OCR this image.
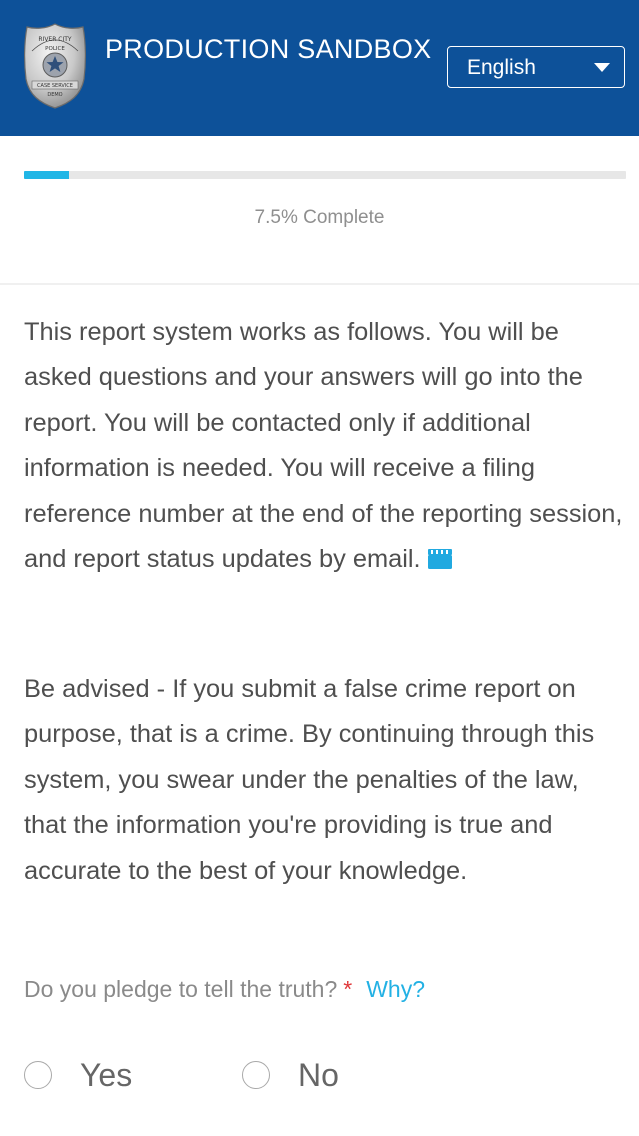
RIVER CITY
POLICE
CASE SERVICE
DEMO
PRODUCTION SANDBOX
English
7.5% Complete

This report system works as follows. You will be asked questions and your answers will go into the report. You will be contacted only if additional information is needed. You will receive a filing reference number at the end of the reporting session, and report status updates by email.

Be advised - If you submit a false crime report on purpose, that is a crime. By continuing through this system, you swear under the penalties of the law, that the information you're providing is true and accurate to the best of your knowledge.

Do you pledge to tell the truth? * Why?
Yes	No
